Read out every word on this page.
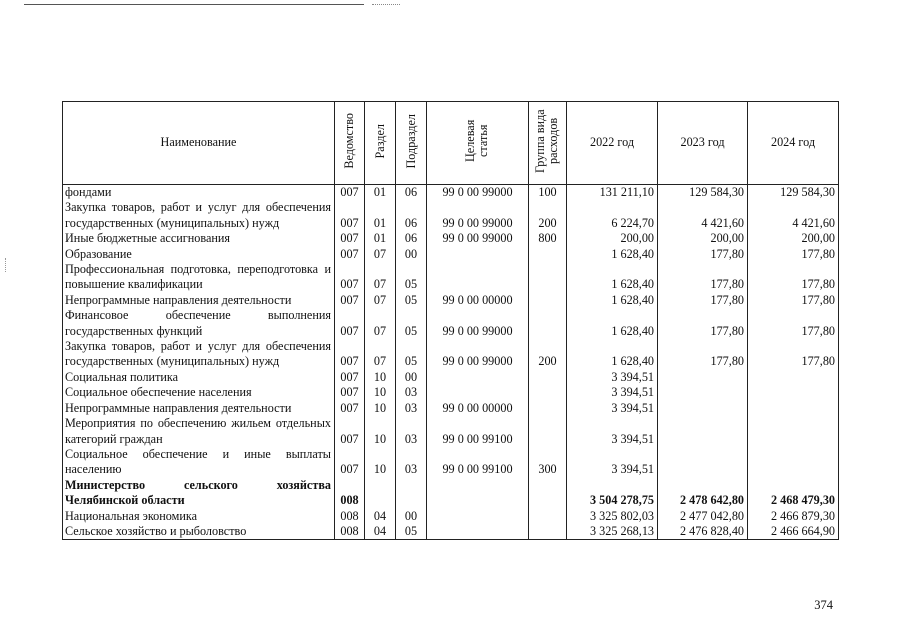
Наименование	Ведомство	Раздел	Подраздел	Целевая статья	Группа вида расходов	2022 год	2023 год	2024 год
фондами	007	01	06	99 0 00 99000	100	131 211,10	129 584,30	129 584,30
Закупка товаров, работ и услуг для обеспечения государственных (муниципальных) нужд	007	01	06	99 0 00 99000	200	6 224,70	4 421,60	4 421,60
Иные бюджетные ассигнования	007	01	06	99 0 00 99000	800	200,00	200,00	200,00
Образование	007	07	00			1 628,40	177,80	177,80
Профессиональная подготовка, переподготовка и повышение квалификации	007	07	05			1 628,40	177,80	177,80
Непрограммные направления деятельности	007	07	05	99 0 00 00000		1 628,40	177,80	177,80
Финансовое обеспечение выполнения государственных функций	007	07	05	99 0 00 99000		1 628,40	177,80	177,80
Закупка товаров, работ и услуг для обеспечения государственных (муниципальных) нужд	007	07	05	99 0 00 99000	200	1 628,40	177,80	177,80
Социальная политика	007	10	00			3 394,51		
Социальное обеспечение населения	007	10	03			3 394,51		
Непрограммные направления деятельности	007	10	03	99 0 00 00000		3 394,51		
Мероприятия по обеспечению жильем отдельных категорий граждан	007	10	03	99 0 00 99100		3 394,51		
Социальное обеспечение и иные выплаты населению	007	10	03	99 0 00 99100	300	3 394,51		
Министерство сельского хозяйства Челябинской области	008					3 504 278,75	2 478 642,80	2 468 479,30
Национальная экономика	008	04	00			3 325 802,03	2 477 042,80	2 466 879,30
Сельское хозяйство и рыболовство	008	04	05			3 325 268,13	2 476 828,40	2 466 664,90
374
